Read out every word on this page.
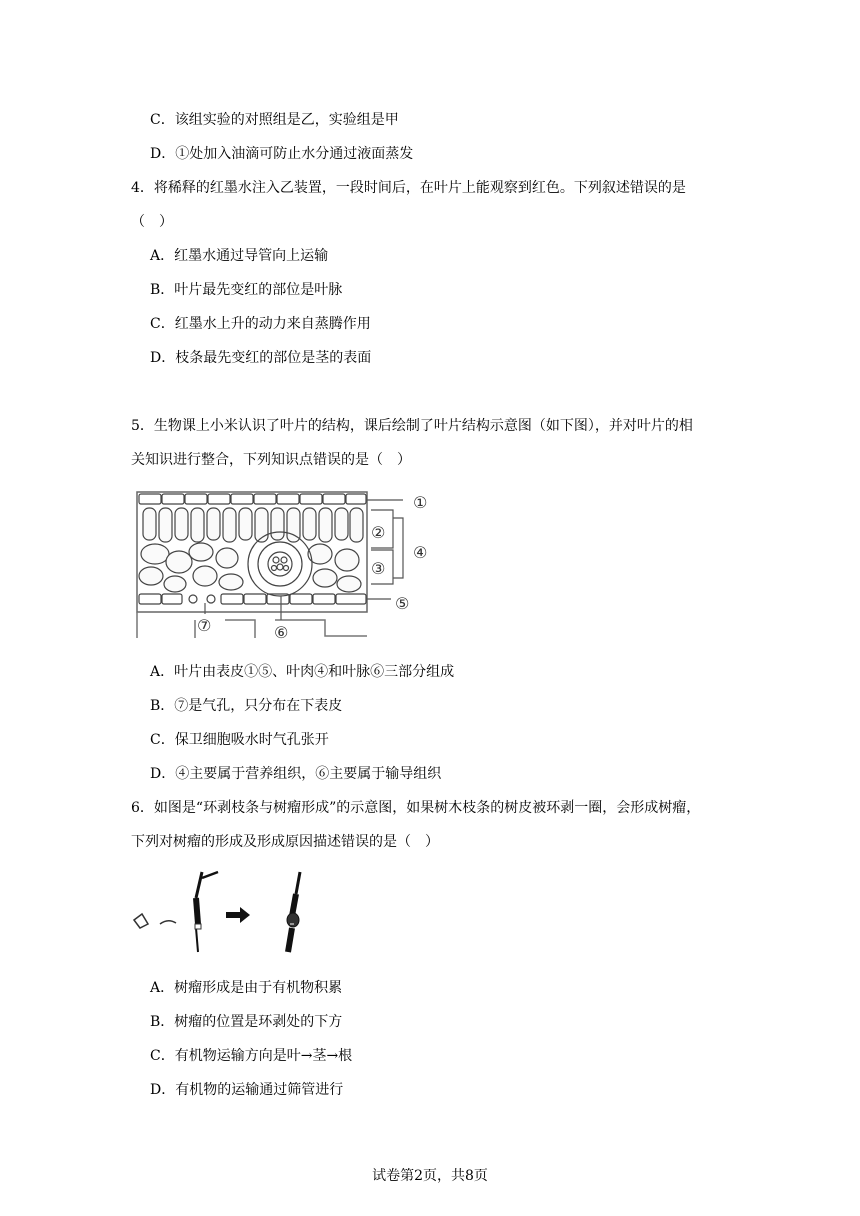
C．该组实验的对照组是乙，实验组是甲
D．①处加入油滴可防止水分通过液面蒸发
4．将稀释的红墨水注入乙装置，一段时间后，在叶片上能观察到红色。下列叙述错误的是
（　）
A．红墨水通过导管向上运输
B．叶片最先变红的部位是叶脉
C．红墨水上升的动力来自蒸腾作用
D．枝条最先变红的部位是茎的表面
5．生物课上小米认识了叶片的结构，课后绘制了叶片结构示意图（如下图），并对叶片的相
关知识进行整合，下列知识点错误的是（　）
①
②
③
④
⑤
⑥
⑦
A．叶片由表皮①⑤、叶肉④和叶脉⑥三部分组成
B．⑦是气孔，只分布在下表皮
C．保卫细胞吸水时气孔张开
D．④主要属于营养组织，⑥主要属于输导组织
6．如图是“环剥枝条与树瘤形成”的示意图，如果树木枝条的树皮被环剥一圈，会形成树瘤，
下列对树瘤的形成及形成原因描述错误的是（　）
A．树瘤形成是由于有机物积累
B．树瘤的位置是环剥处的下方
C．有机物运输方向是叶→茎→根
D．有机物的运输通过筛管进行
试卷第2页，共8页
